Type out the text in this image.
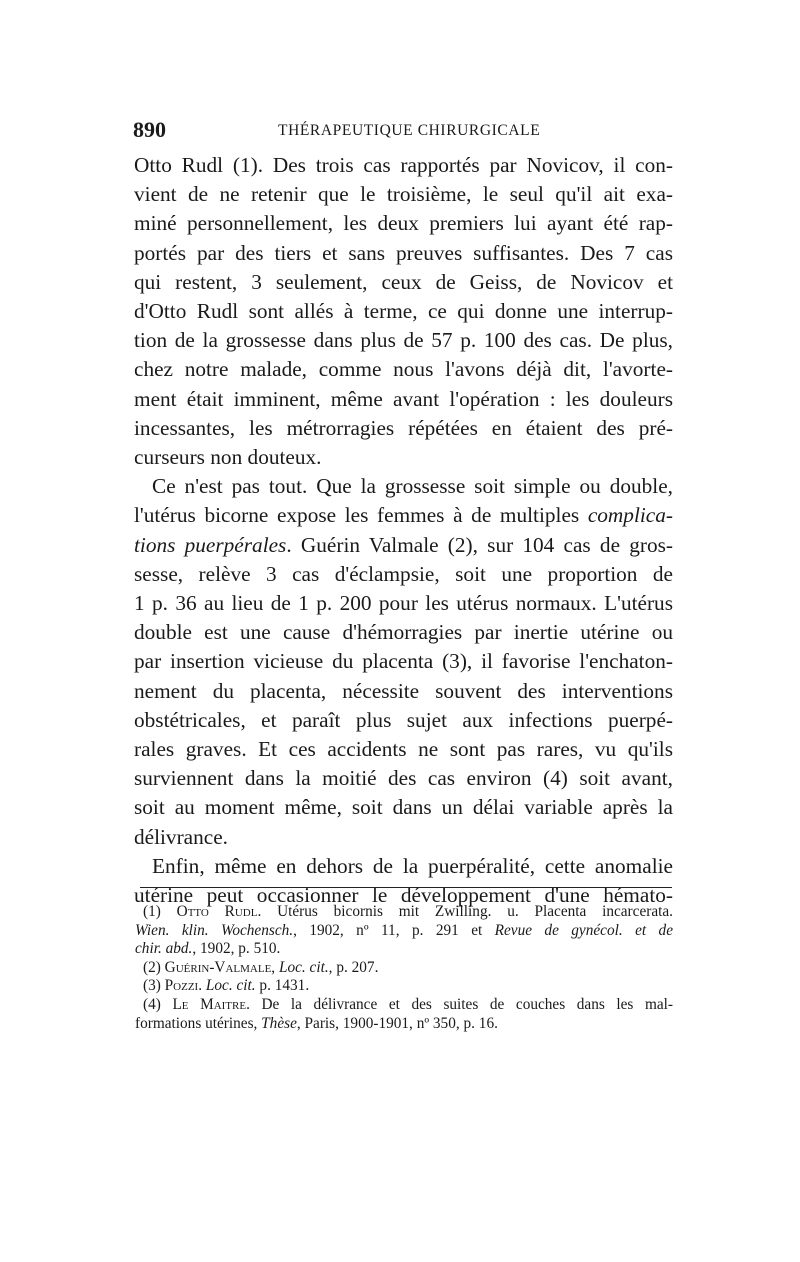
890	THÉRAPEUTIQUE CHIRURGICALE
Otto Rudl (1). Des trois cas rapportés par Novicov, il con-
vient de ne retenir que le troisième, le seul qu'il ait exa-
miné personnellement, les deux premiers lui ayant été rap-
portés par des tiers et sans preuves suffisantes. Des 7 cas
qui restent, 3 seulement, ceux de Geiss, de Novicov et
d'Otto Rudl sont allés à terme, ce qui donne une interrup-
tion de la grossesse dans plus de 57 p. 100 des cas. De plus,
chez notre malade, comme nous l'avons déjà dit, l'avorte-
ment était imminent, même avant l'opération : les douleurs
incessantes, les métrorragies répétées en étaient des pré-
curseurs non douteux.
Ce n'est pas tout. Que la grossesse soit simple ou double,
l'utérus bicorne expose les femmes à de multiples complica-
tions puerpérales. Guérin Valmale (2), sur 104 cas de gros-
sesse, relève 3 cas d'éclampsie, soit une proportion de
1 p. 36 au lieu de 1 p. 200 pour les utérus normaux. L'utérus
double est une cause d'hémorragies par inertie utérine ou
par insertion vicieuse du placenta (3), il favorise l'enchaton-
nement du placenta, nécessite souvent des interventions
obstétricales, et paraît plus sujet aux infections puerpé-
rales graves. Et ces accidents ne sont pas rares, vu qu'ils
surviennent dans la moitié des cas environ (4) soit avant,
soit au moment même, soit dans un délai variable après la
délivrance.
Enfin, même en dehors de la puerpéralité, cette anomalie
utérine peut occasionner le développement d'une hémato-
(1) Otto Rudl. Utérus bicornis mit Zwilling. u. Placenta incarcerata.
Wien. klin. Wochensch., 1902, nº 11, p. 291 et Revue de gynécol. et de
chir. abd., 1902, p. 510.
(2) Guérin-Valmale, Loc. cit., p. 207.
(3) Pozzi. Loc. cit. p. 1431.
(4) Le Maitre. De la délivrance et des suites de couches dans les mal-
formations utérines, Thèse, Paris, 1900-1901, nº 350, p. 16.
